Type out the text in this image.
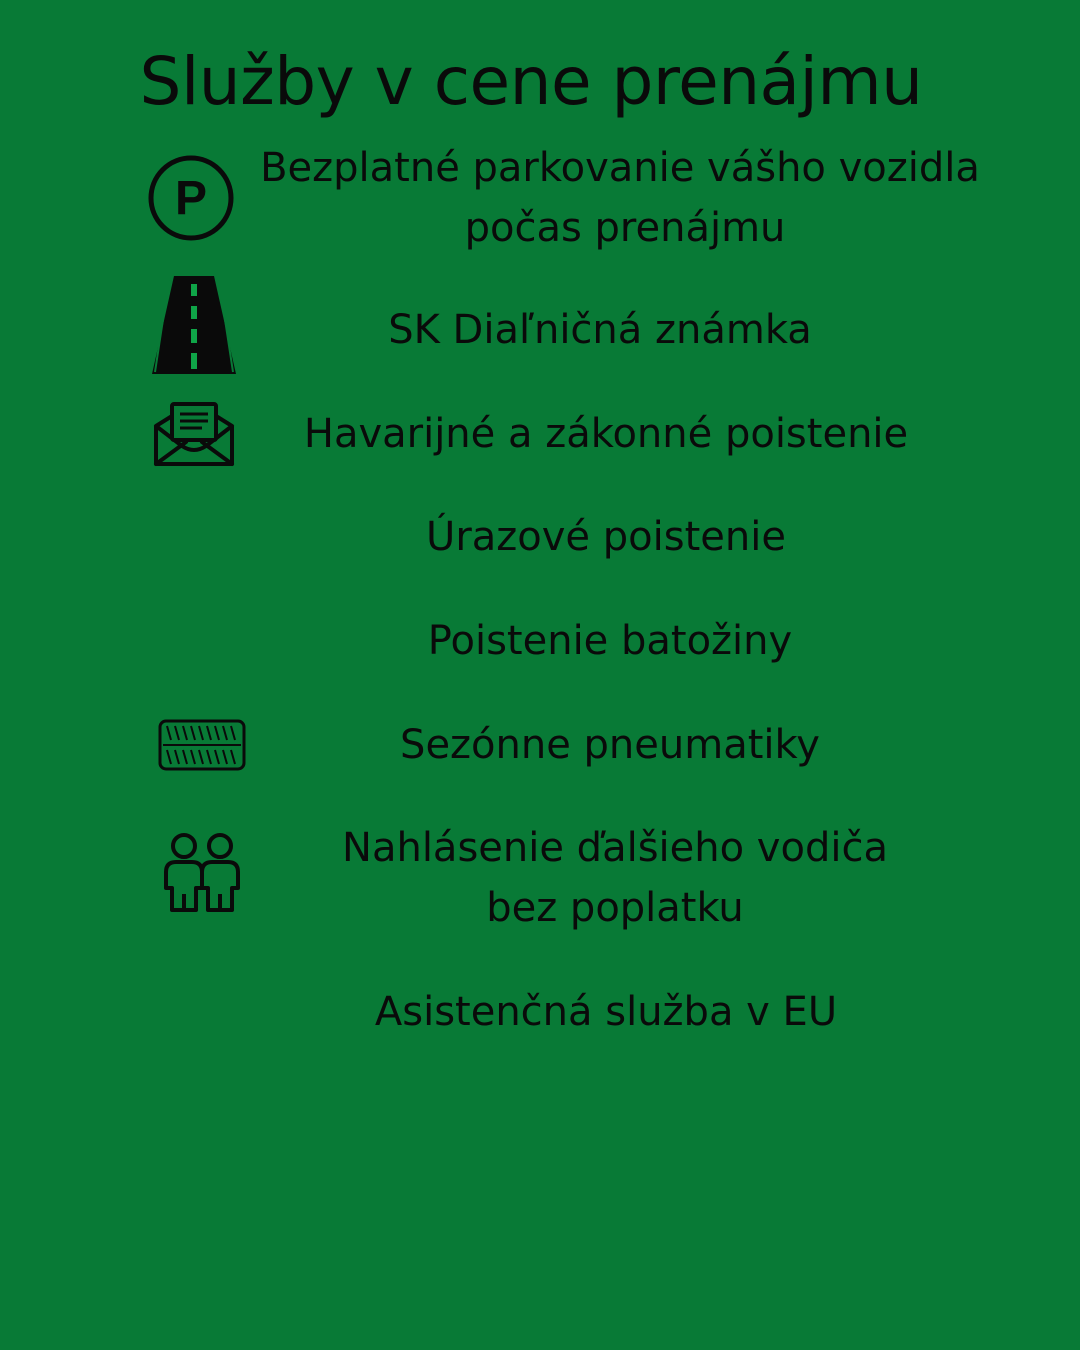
Služby v cene prenájmu
P
Bezplatné parkovanie vášho vozidla
počas prenájmu
SK Diaľničná známka
Havarijné a zákonné poistenie
Úrazové poistenie
Poistenie batožiny
Sezónne pneumatiky
Nahlásenie ďalšieho vodiča
bez poplatku
Asistenčná služba v EU
